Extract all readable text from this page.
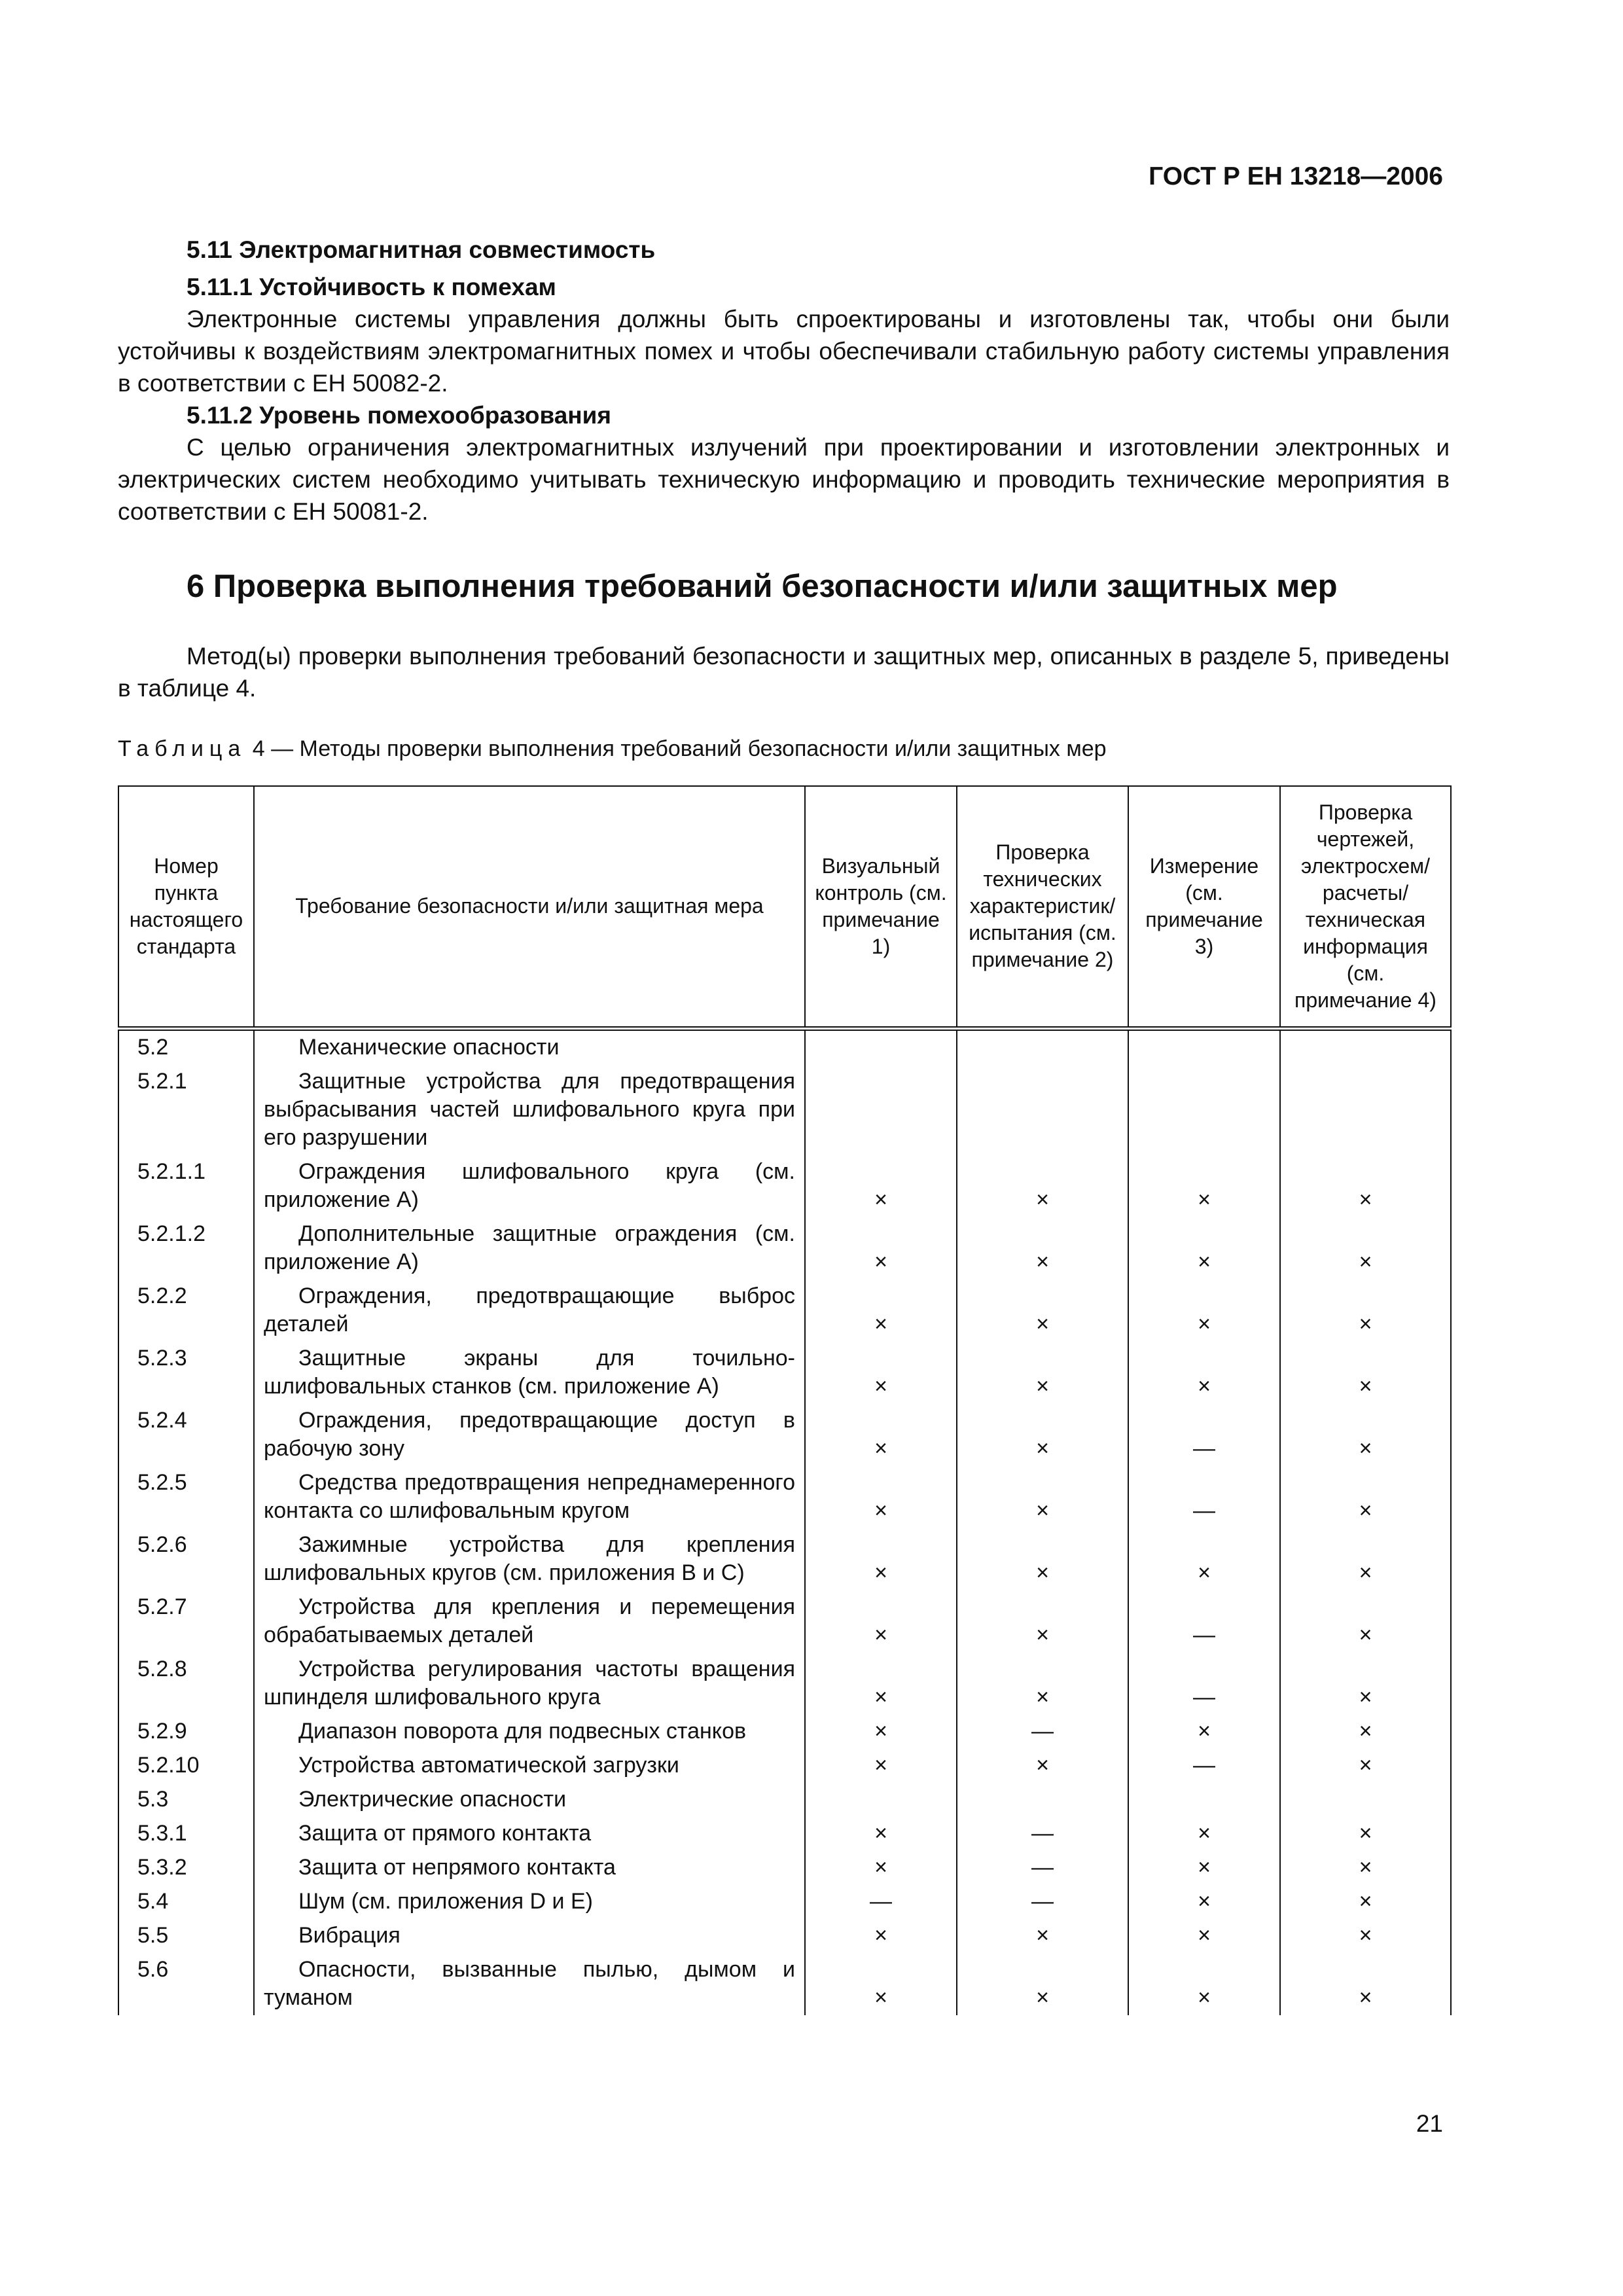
ГОСТ Р ЕН 13218—2006

5.11 Электромагнитная совместимость

5.11.1 Устойчивость к помехам

Электронные системы управления должны быть спроектированы и изготовлены так, чтобы они были устойчивы к воздействиям электромагнитных помех и чтобы обеспечивали стабильную работу системы управления в соответствии с ЕН 50082-2.

5.11.2 Уровень помехообразования

С целью ограничения электромагнитных излучений при проектировании и изготовлении электронных и электрических систем необходимо учитывать техническую информацию и проводить технические мероприятия в соответствии с ЕН 50081-2.

6 Проверка выполнения требований безопасности и/или защитных мер

Метод(ы) проверки выполнения требований безопасности и защитных мер, описанных в разделе 5, приведены в таблице 4.

Таблица 4 — Методы проверки выполнения требований безопасности и/или защитных мер
Номер пункта настоящего стандарта	Требование безопасности и/или защитная мера	Визуальный контроль (см. примечание 1)	Проверка технических характеристик/ испытания (см. примечание 2)	Измерение (см. примечание 3)	Проверка чертежей, электросхем/ расчеты/ техническая информация (см. примечание 4)
5.2	Механические опасности				

5.2.1	Защитные устройства для предотвращения выбрасывания частей шлифовального круга при его разрушении				

5.2.1.1	Ограждения шлифовального круга (см. приложение А)	×	×	×	×
5.2.1.2	Дополнительные защитные ограждения (см. приложение А)	×	×	×	×
5.2.2	Ограждения, предотвращающие выброс деталей	×	×	×	×
5.2.3	Защитные экраны для точильно-шлифовальных станков (см. приложение А)	×	×	×	×
5.2.4	Ограждения, предотвращающие доступ в рабочую зону	×	×	—	×
5.2.5	Средства предотвращения непреднамеренного контакта со шлифовальным кругом	×	×	—	×
5.2.6	Зажимные устройства для крепления шлифовальных кругов (см. приложения В и С)	×	×	×	×
5.2.7	Устройства для крепления и перемещения обрабатываемых деталей	×	×	—	×
5.2.8	Устройства регулирования частоты вращения шпинделя шлифовального круга	×	×	—	×
5.2.9	Диапазон поворота для подвесных станков	×	—	×	×
5.2.10	Устройства автоматической загрузки	×	×	—	×
5.3	Электрические опасности				

5.3.1	Защита от прямого контакта	×	—	×	×
5.3.2	Защита от непрямого контакта	×	—	×	×
5.4	Шум (см. приложения D и Е)	—	—	×	×
5.5	Вибрация	×	×	×	×
5.6	Опасности, вызванные пылью, дымом и туманом	×	×	×	×
21
